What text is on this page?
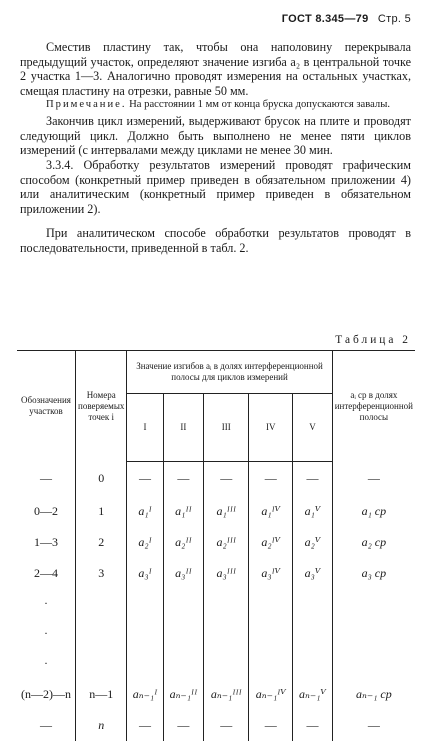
ГОСТ 8.345—79 Стр. 5
Сместив пластину так, чтобы она наполовину перекрывала предыдущий участок, определяют значение изгиба a₂ в центральной точке 2 участка 1—3. Аналогично проводят измерения на остальных участках, смещая пластину на отрезки, равные 50 мм.
Примечание. На расстоянии 1 мм от конца бруска допускаются завалы.
Закончив цикл измерений, выдерживают брусок на плите и проводят следующий цикл. Должно быть выполнено не менее пяти циклов измерений (с интервалами между циклами не менее 30 мин.
3.3.4. Обработку результатов измерений проводят графическим способом (конкретный пример приведен в обязательном приложении 4) или аналитическим (конкретный пример приведен в обязательном приложении 2).
При аналитическом способе обработки результатов проводят в последовательности, приведенной в табл. 2.
Таблица 2
Обозначения участков	Номера поверяемых точек i	Значение изгибов aᵢ в долях интерференционной полосы для циклов измерений					aᵢ ср в долях интерференционной полосы
		I	II	III	IV	V	
—	0	—	—	—	—	—	—
0—2	1	a₁ᴵ	a₁ᴵᴵ	a₁ᴵᴵᴵ	a₁ᴵⱽ	a₁ⱽ	a₁ ср
1—3	2	a₂ᴵ	a₂ᴵᴵ	a₂ᴵᴵᴵ	a₂ᴵⱽ	a₂ⱽ	a₂ ср
2—4	3	a₃ᴵ	a₃ᴵᴵ	a₃ᴵᴵᴵ	a₃ᴵⱽ	a₃ⱽ	a₃ ср
·							
·							
·							
(n—2)—n	n—1	aₙ₋₁ᴵ	aₙ₋₁ᴵᴵ	aₙ₋₁ᴵᴵᴵ	aₙ₋₁ᴵⱽ	aₙ₋₁ⱽ	aₙ₋₁ ср
—	n	—	—	—	—	—	—
